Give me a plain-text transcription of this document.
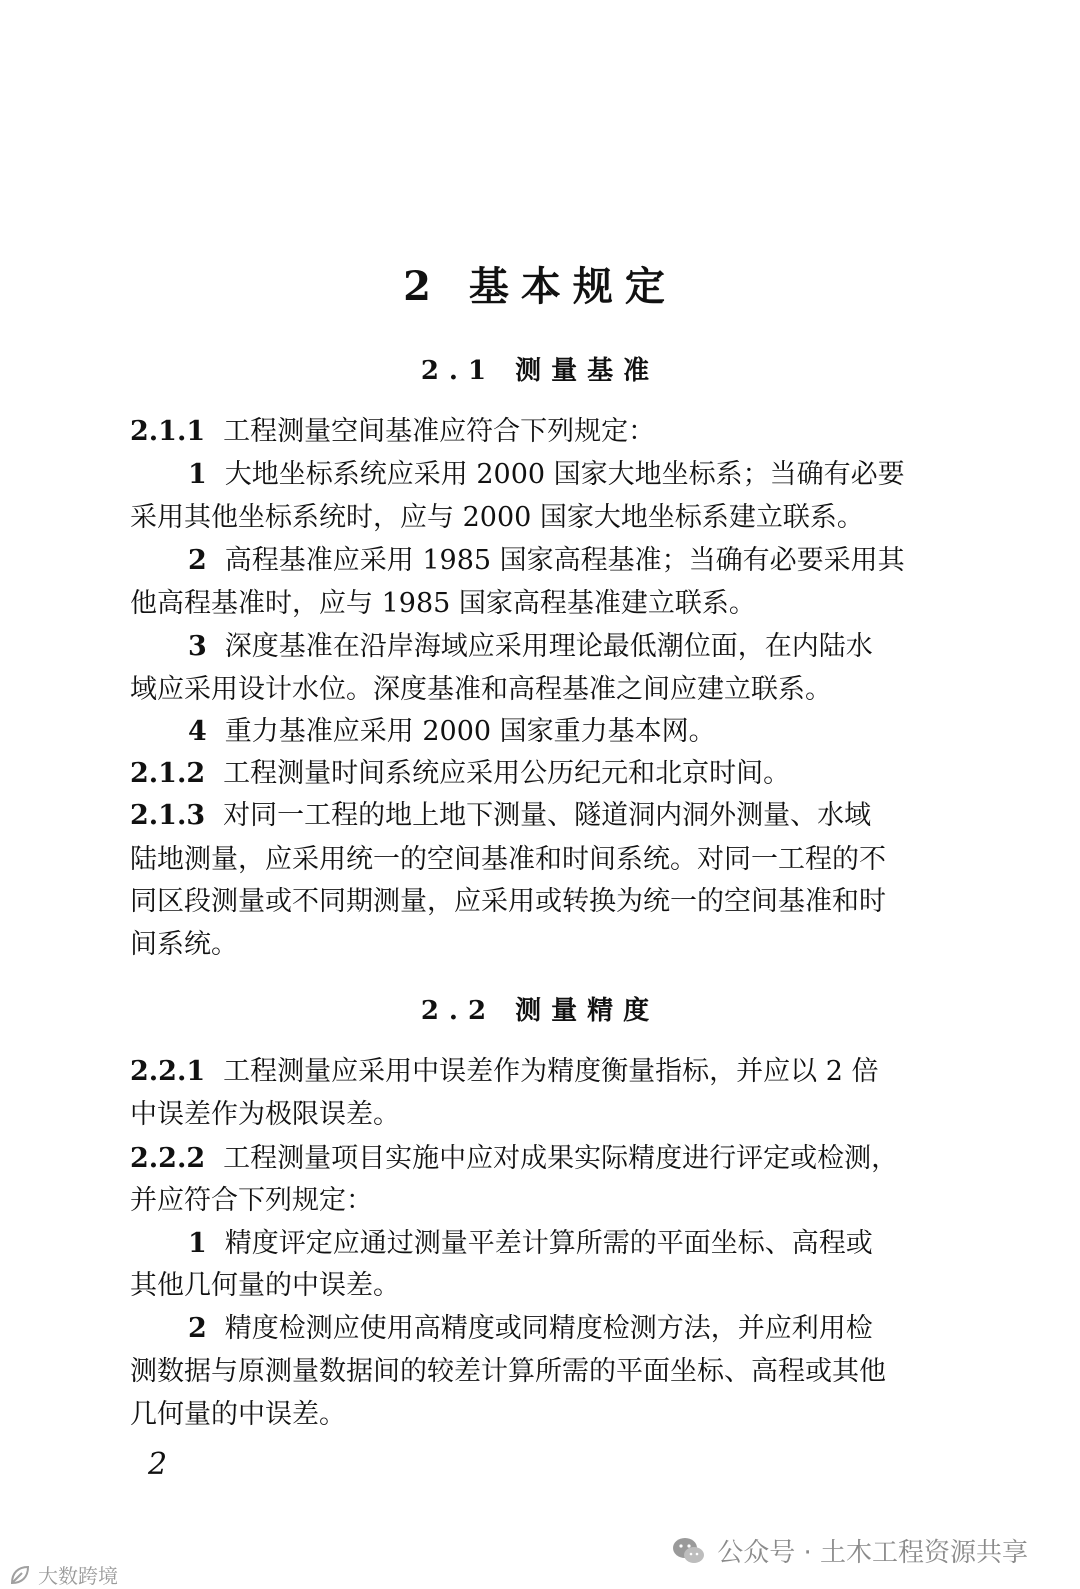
2 基本规定
2.1 测量基准
2.1.1 工程测量空间基准应符合下列规定：
1 大地坐标系统应采用 2000 国家大地坐标系；当确有必要
采用其他坐标系统时，应与 2000 国家大地坐标系建立联系。
2 高程基准应采用 1985 国家高程基准；当确有必要采用其
他高程基准时，应与 1985 国家高程基准建立联系。
3 深度基准在沿岸海域应采用理论最低潮位面，在内陆水
域应采用设计水位。深度基准和高程基准之间应建立联系。
4 重力基准应采用 2000 国家重力基本网。
2.1.2 工程测量时间系统应采用公历纪元和北京时间。
2.1.3 对同一工程的地上地下测量、隧道洞内洞外测量、水域
陆地测量，应采用统一的空间基准和时间系统。对同一工程的不
同区段测量或不同期测量，应采用或转换为统一的空间基准和时
间系统。
2.2 测量精度
2.2.1 工程测量应采用中误差作为精度衡量指标，并应以 2 倍
中误差作为极限误差。
2.2.2 工程测量项目实施中应对成果实际精度进行评定或检测，
并应符合下列规定：
1 精度评定应通过测量平差计算所需的平面坐标、高程或
其他几何量的中误差。
2 精度检测应使用高精度或同精度检测方法，并应利用检
测数据与原测量数据间的较差计算所需的平面坐标、高程或其他
几何量的中误差。
2
公众号 · 土木工程资源共享
大数跨境
